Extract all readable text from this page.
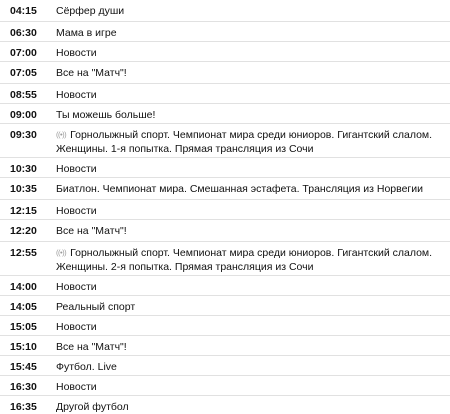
04:15	Сёрфер души
06:30	Мама в игре
07:00	Новости
07:05	Все на "Матч"!
08:55	Новости
09:00	Ты можешь больше!
09:30	((•)) Горнолыжный спорт. Чемпионат мира среди юниоров. Гигантский слалом.
Женщины. 1-я попытка. Прямая трансляция из Сочи
10:30	Новости
10:35	Биатлон. Чемпионат мира. Смешанная эстафета. Трансляция из Норвегии
12:15	Новости
12:20	Все на "Матч"!
12:55	((•)) Горнолыжный спорт. Чемпионат мира среди юниоров. Гигантский слалом.
Женщины. 2-я попытка. Прямая трансляция из Сочи
14:00	Новости
14:05	Реальный спорт
15:05	Новости
15:10	Все на "Матч"!
15:45	Футбол. Live
16:30	Новости
16:35	Другой футбол
